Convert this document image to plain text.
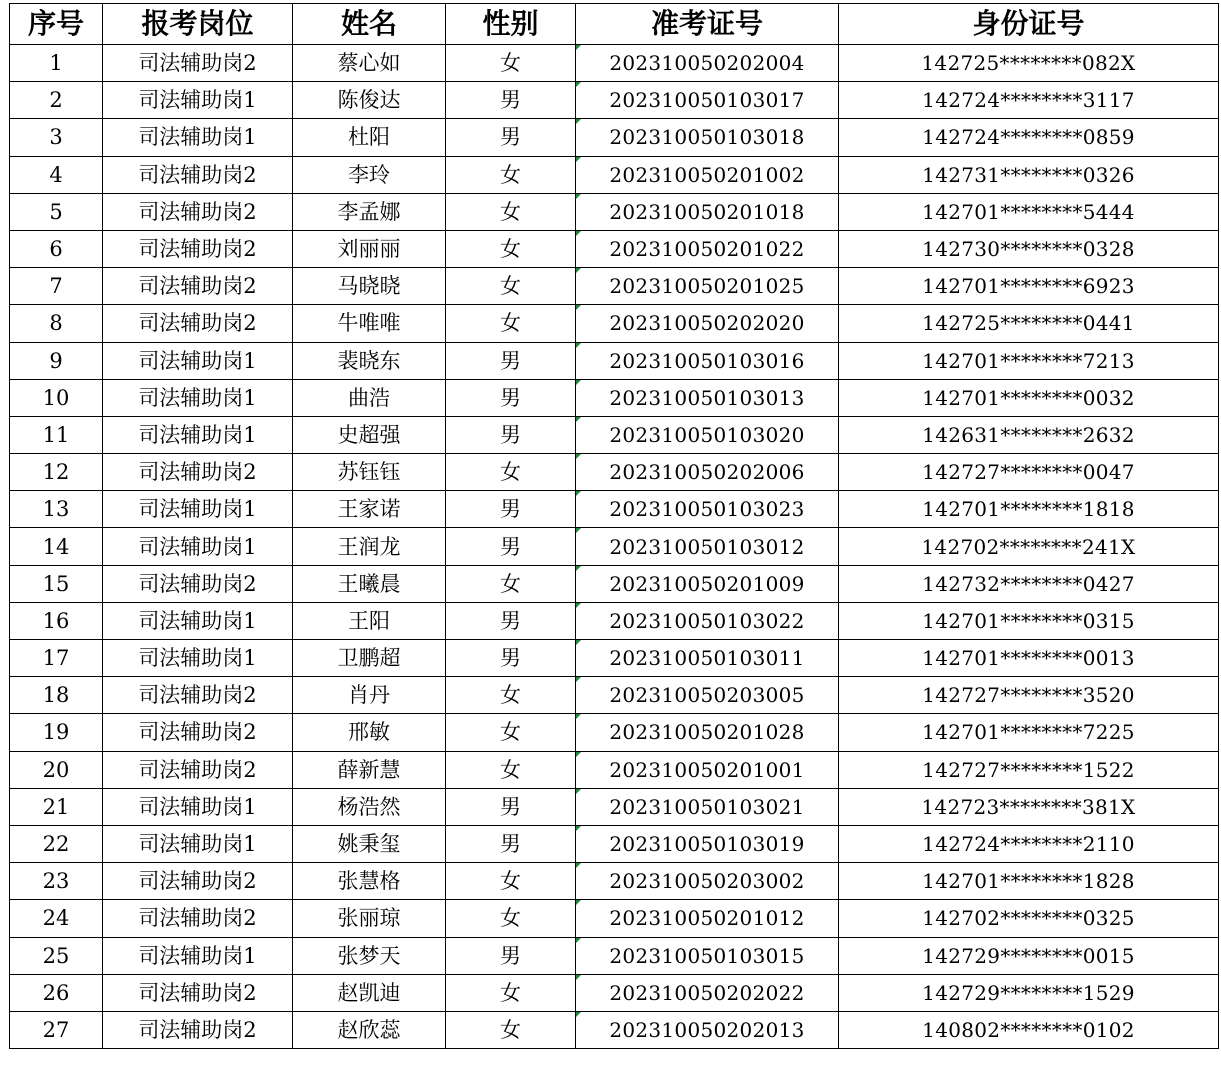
序号	报考岗位	姓名	性别	准考证号	身份证号
1	司法辅助岗2	蔡心如	女	202310050202004	142725********082X
2	司法辅助岗1	陈俊达	男	202310050103017	142724********3117
3	司法辅助岗1	杜阳	男	202310050103018	142724********0859
4	司法辅助岗2	李玲	女	202310050201002	142731********0326
5	司法辅助岗2	李孟娜	女	202310050201018	142701********5444
6	司法辅助岗2	刘丽丽	女	202310050201022	142730********0328
7	司法辅助岗2	马晓晓	女	202310050201025	142701********6923
8	司法辅助岗2	牛唯唯	女	202310050202020	142725********0441
9	司法辅助岗1	裴晓东	男	202310050103016	142701********7213
10	司法辅助岗1	曲浩	男	202310050103013	142701********0032
11	司法辅助岗1	史超强	男	202310050103020	142631********2632
12	司法辅助岗2	苏钰钰	女	202310050202006	142727********0047
13	司法辅助岗1	王家诺	男	202310050103023	142701********1818
14	司法辅助岗1	王润龙	男	202310050103012	142702********241X
15	司法辅助岗2	王曦晨	女	202310050201009	142732********0427
16	司法辅助岗1	王阳	男	202310050103022	142701********0315
17	司法辅助岗1	卫鹏超	男	202310050103011	142701********0013
18	司法辅助岗2	肖丹	女	202310050203005	142727********3520
19	司法辅助岗2	邢敏	女	202310050201028	142701********7225
20	司法辅助岗2	薛新慧	女	202310050201001	142727********1522
21	司法辅助岗1	杨浩然	男	202310050103021	142723********381X
22	司法辅助岗1	姚秉玺	男	202310050103019	142724********2110
23	司法辅助岗2	张慧格	女	202310050203002	142701********1828
24	司法辅助岗2	张丽琼	女	202310050201012	142702********0325
25	司法辅助岗1	张梦天	男	202310050103015	142729********0015
26	司法辅助岗2	赵凯迪	女	202310050202022	142729********1529
27	司法辅助岗2	赵欣蕊	女	202310050202013	140802********0102
